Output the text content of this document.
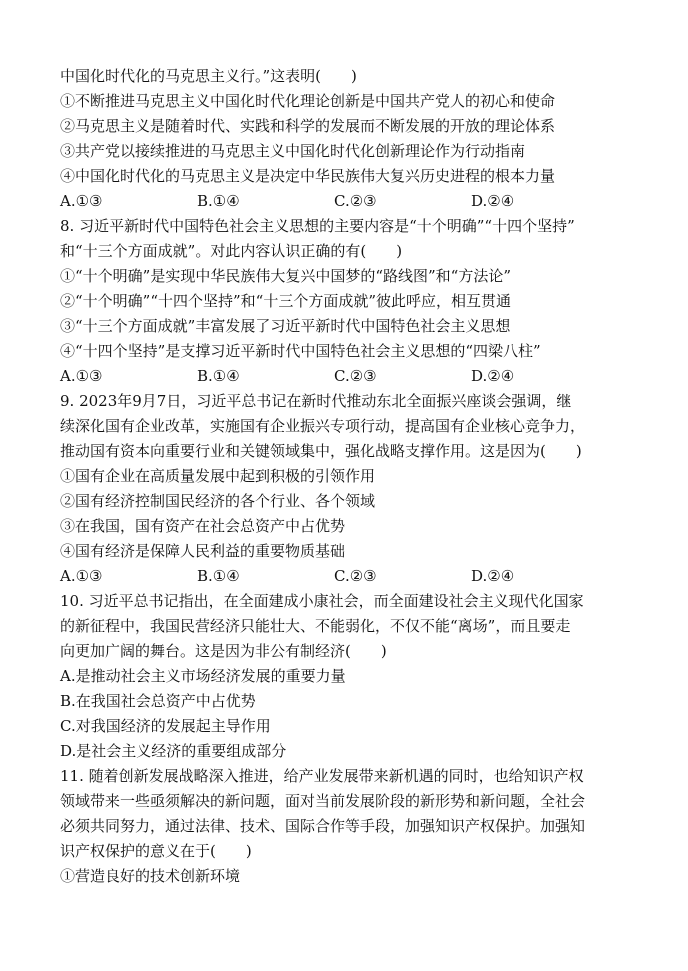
中国化时代化的马克思主义行。”这表明(　　)
①不断推进马克思主义中国化时代化理论创新是中国共产党人的初心和使命
②马克思主义是随着时代、实践和科学的发展而不断发展的开放的理论体系
③共产党以接续推进的马克思主义中国化时代化创新理论作为行动指南
④中国化时代化的马克思主义是决定中华民族伟大复兴历史进程的根本力量
A.①③	B.①④	C.②③	D.②④
8. 习近平新时代中国特色社会主义思想的主要内容是“十个明确”“十四个坚持”
和“十三个方面成就”。对此内容认识正确的有(　　)
①“十个明确”是实现中华民族伟大复兴中国梦的“路线图”和“方法论”
②“十个明确”“十四个坚持”和“十三个方面成就”彼此呼应，相互贯通
③“十三个方面成就”丰富发展了习近平新时代中国特色社会主义思想
④“十四个坚持”是支撑习近平新时代中国特色社会主义思想的“四梁八柱”
A.①③	B.①④	C.②③	D.②④
9. 2023年9月7日，习近平总书记在新时代推动东北全面振兴座谈会强调，继
续深化国有企业改革，实施国有企业振兴专项行动，提高国有企业核心竞争力，
推动国有资本向重要行业和关键领域集中，强化战略支撑作用。这是因为(　　)
①国有企业在高质量发展中起到积极的引领作用
②国有经济控制国民经济的各个行业、各个领域
③在我国，国有资产在社会总资产中占优势
④国有经济是保障人民利益的重要物质基础
A.①③	B.①④	C.②③	D.②④
10. 习近平总书记指出，在全面建成小康社会，而全面建设社会主义现代化国家
的新征程中，我国民营经济只能壮大、不能弱化，不仅不能“离场”，而且要走
向更加广阔的舞台。这是因为非公有制经济(　　)
A.是推动社会主义市场经济发展的重要力量
B.在我国社会总资产中占优势
C.对我国经济的发展起主导作用
D.是社会主义经济的重要组成部分
11. 随着创新发展战略深入推进，给产业发展带来新机遇的同时，也给知识产权
领域带来一些亟须解决的新问题，面对当前发展阶段的新形势和新问题，全社会
必须共同努力，通过法律、技术、国际合作等手段，加强知识产权保护。加强知
识产权保护的意义在于(　　)
①营造良好的技术创新环境
